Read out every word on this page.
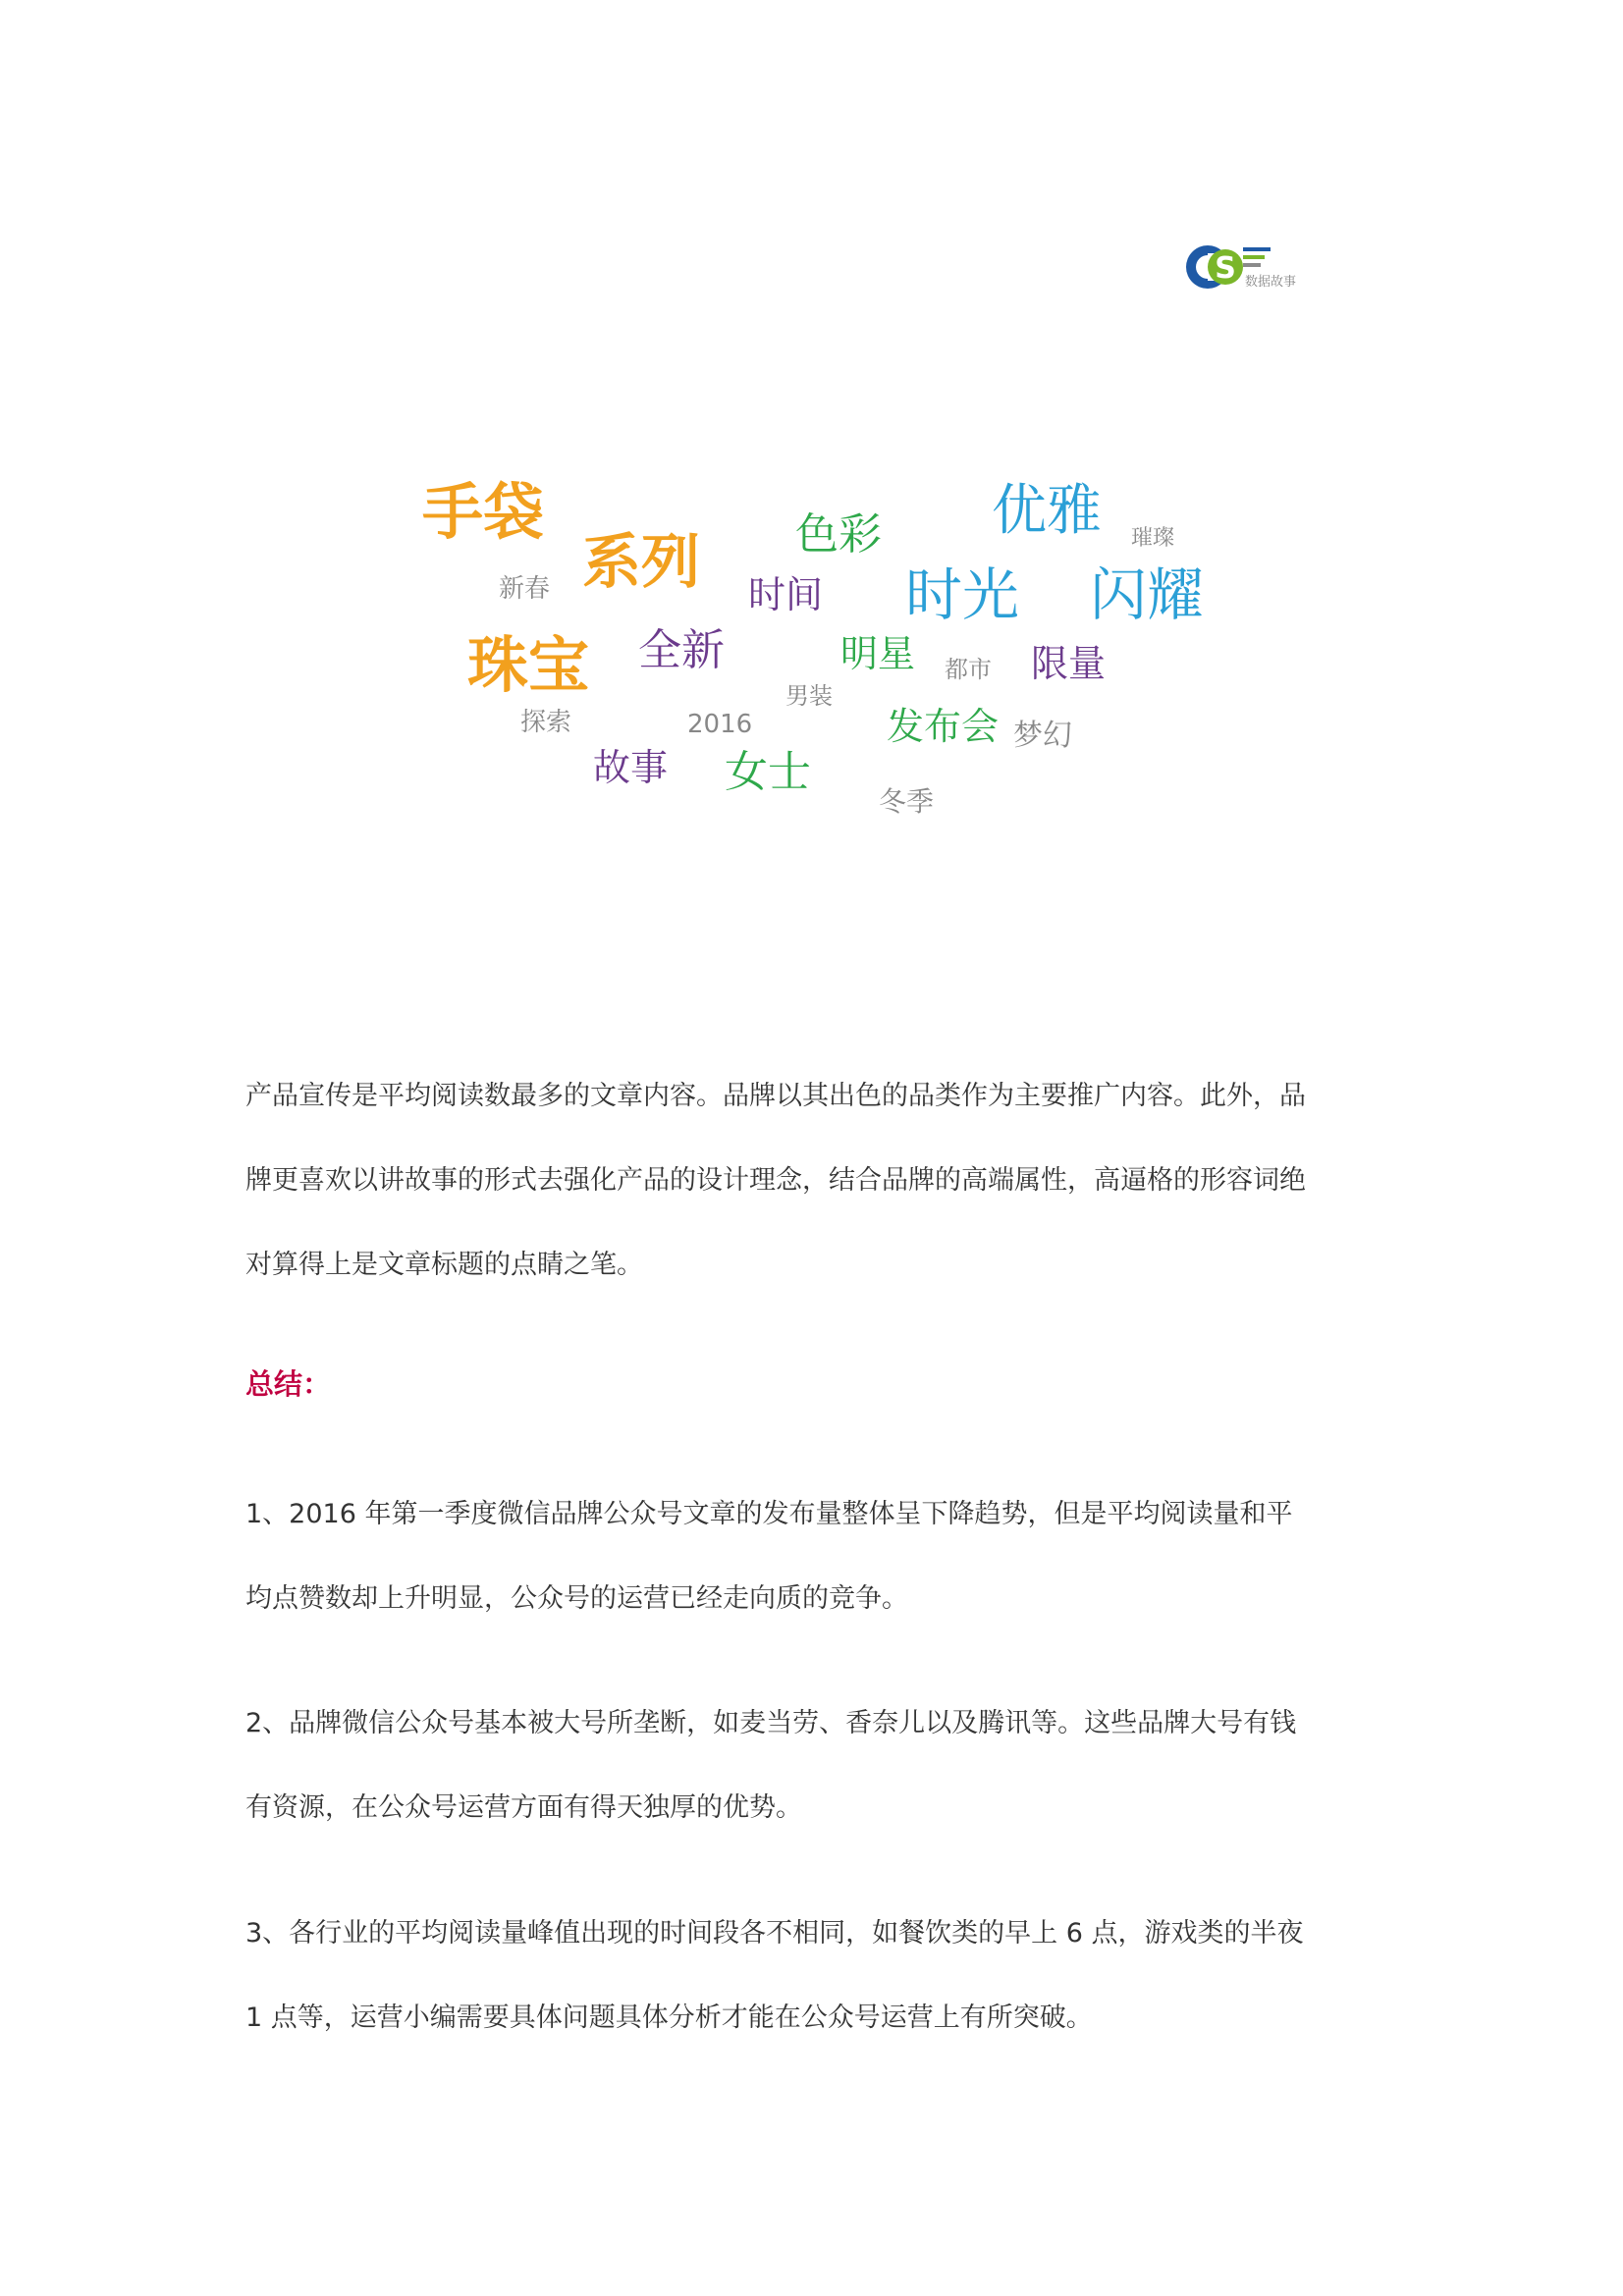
S 数据故事
手袋
系列 色彩 优雅 璀璨
新春	时间 时光 闪耀
珠宝 全新	明星 都市 限量
男装
探索	2016	发布会 梦幻
故事 女士
冬季
产品宣传是平均阅读数最多的文章内容。品牌以其出色的品类作为主要推广内容。此外，品
牌更喜欢以讲故事的形式去强化产品的设计理念，结合品牌的高端属性，高逼格的形容词绝
对算得上是文章标题的点睛之笔。
总结：
1、2016 年第一季度微信品牌公众号文章的发布量整体呈下降趋势，但是平均阅读量和平
均点赞数却上升明显，公众号的运营已经走向质的竞争。
2、品牌微信公众号基本被大号所垄断，如麦当劳、香奈儿以及腾讯等。这些品牌大号有钱
有资源，在公众号运营方面有得天独厚的优势。
3、各行业的平均阅读量峰值出现的时间段各不相同，如餐饮类的早上 6 点，游戏类的半夜
1 点等，运营小编需要具体问题具体分析才能在公众号运营上有所突破。
